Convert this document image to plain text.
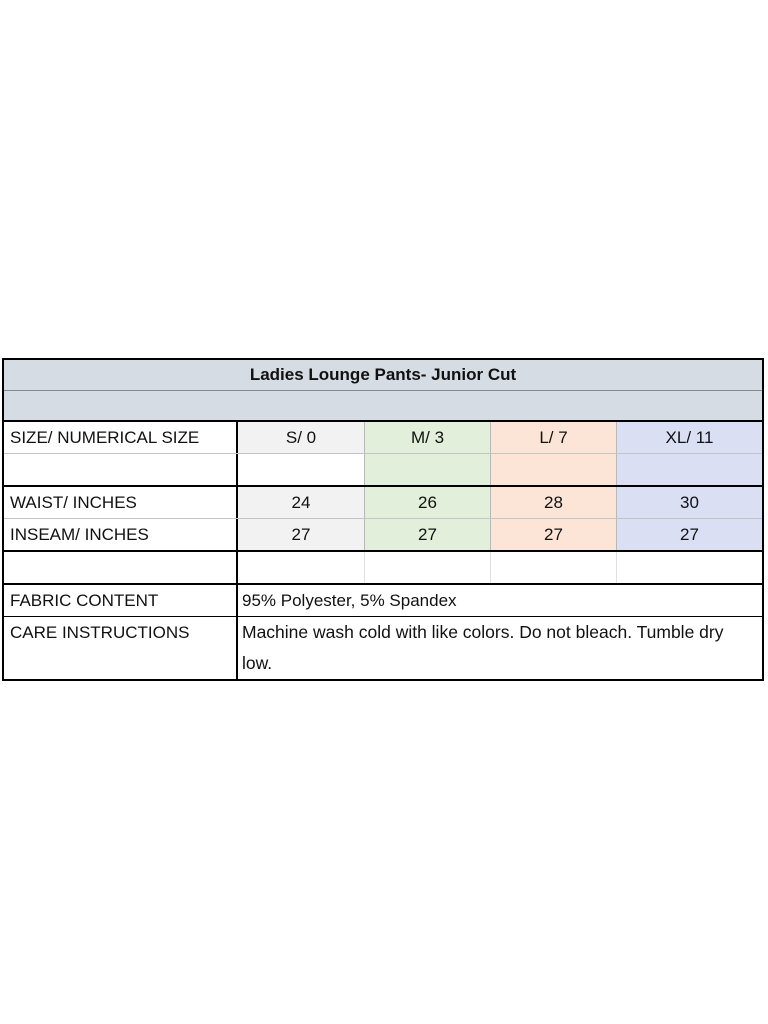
Ladies Lounge Pants- Junior Cut
SIZE/ NUMERICAL SIZE	S/ 0	M/ 3	L/ 7	XL/ 11
WAIST/ INCHES	24	26	28	30
INSEAM/ INCHES	27	27	27	27
FABRIC CONTENT	95% Polyester, 5% Spandex
CARE INSTRUCTIONS	Machine wash cold with like colors. Do not bleach. Tumble dry low.
